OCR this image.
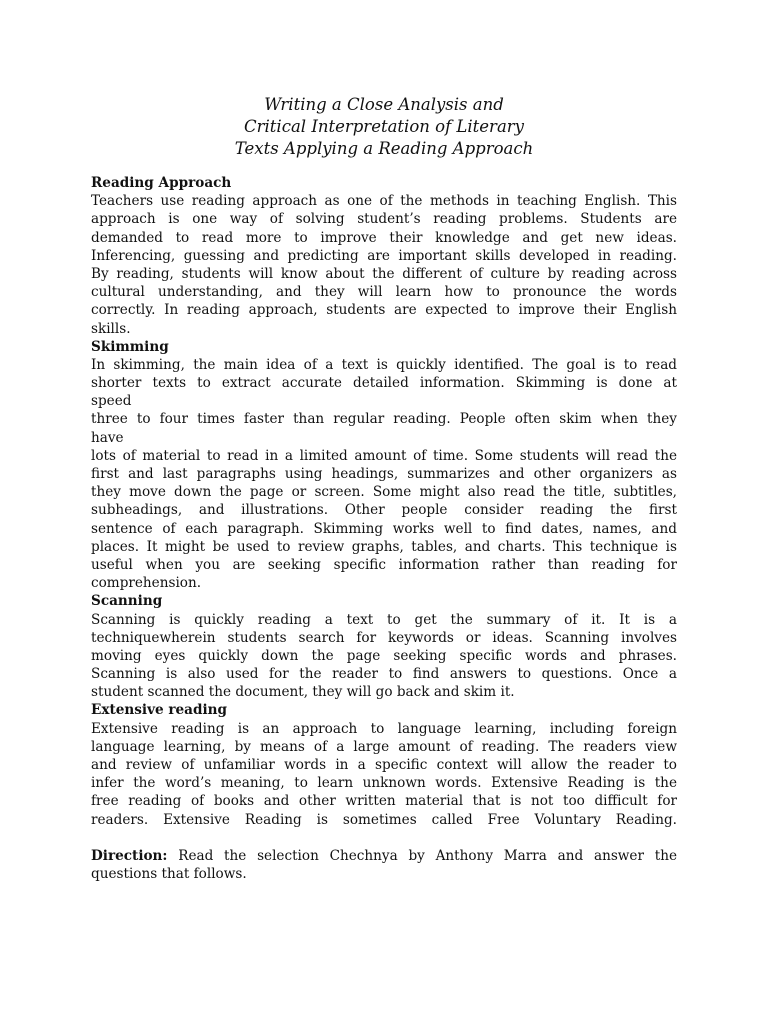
Writing a Close Analysis and
Critical Interpretation of Literary
Texts Applying a Reading Approach
Reading Approach
Teachers use reading approach as one of the methods in teaching English. This
approach is one way of solving student’s reading problems. Students are
demanded to read more to improve their knowledge and get new ideas.
Inferencing, guessing and predicting are important skills developed in reading.
By reading, students will know about the different of culture by reading across
cultural understanding, and they will learn how to pronounce the words
correctly. In reading approach, students are expected to improve their English
skills.
Skimming
In skimming, the main idea of a text is quickly identified. The goal is to read
shorter texts to extract accurate detailed information. Skimming is done at
speed
three to four times faster than regular reading. People often skim when they
have
lots of material to read in a limited amount of time. Some students will read the
first and last paragraphs using headings, summarizes and other organizers as
they move down the page or screen. Some might also read the title, subtitles,
subheadings, and illustrations. Other people consider reading the first
sentence of each paragraph. Skimming works well to find dates, names, and
places. It might be used to review graphs, tables, and charts. This technique is
useful when you are seeking specific information rather than reading for
comprehension.
Scanning
Scanning is quickly reading a text to get the summary of it. It is a
techniquewherein students search for keywords or ideas. Scanning involves
moving eyes quickly down the page seeking specific words and phrases.
Scanning is also used for the reader to find answers to questions. Once a
student scanned the document, they will go back and skim it.
Extensive reading
Extensive reading is an approach to language learning, including foreign
language learning, by means of a large amount of reading. The readers view
and review of unfamiliar words in a specific context will allow the reader to
infer the word’s meaning, to learn unknown words. Extensive Reading is the
free reading of books and other written material that is not too difficult for
readers. Extensive Reading is sometimes called Free Voluntary Reading.
Direction: Read the selection Chechnya by Anthony Marra and answer the
questions that follows.
